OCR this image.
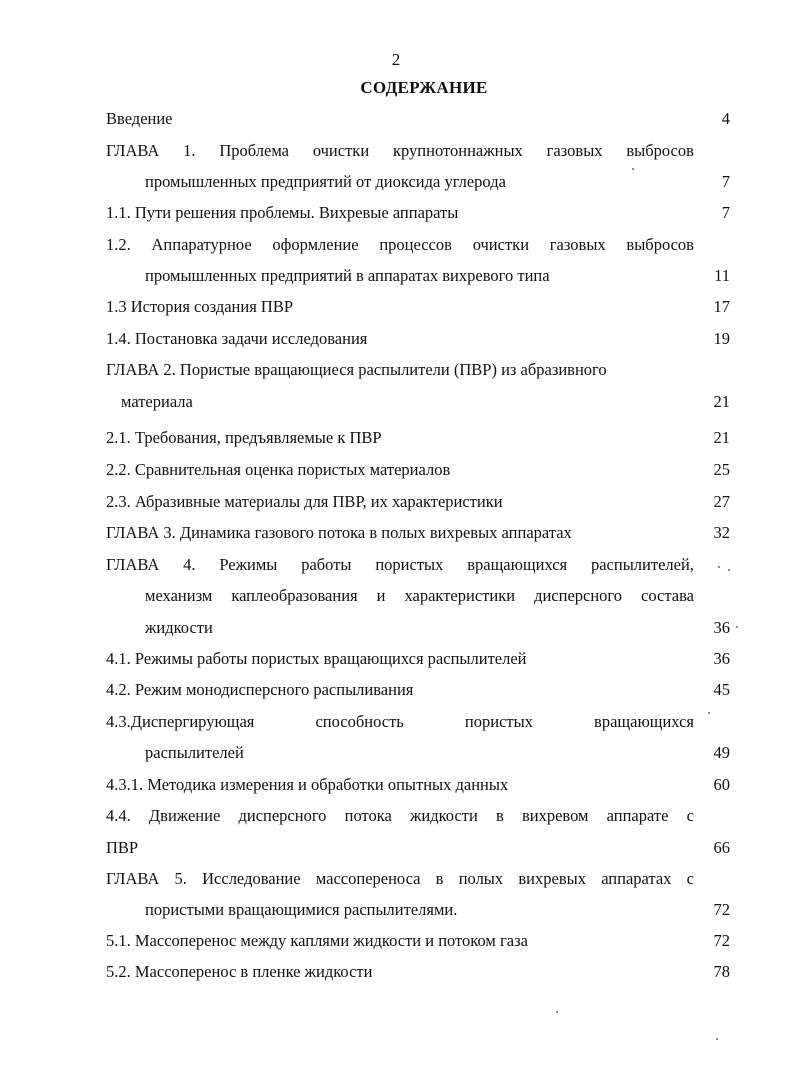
2
СОДЕРЖАНИЕ
Введение	4
ГЛАВА 1. Проблема очистки крупнотоннажных газовых выбросов
промышленных предприятий от диоксида углерода	7
1.1. Пути решения проблемы. Вихревые аппараты	7
1.2. Аппаратурное оформление процессов очистки газовых выбросов
промышленных предприятий в аппаратах вихревого типа	11
1.3 История создания ПВР	17
1.4. Постановка задачи исследования	19
ГЛАВА 2. Пористые вращающиеся распылители (ПВР) из абразивного
материала	21
2.1. Требования, предъявляемые к ПВР	21
2.2. Сравнительная оценка пористых материалов	25
2.3. Абразивные материалы для ПВР, их характеристики	27
ГЛАВА 3. Динамика газового потока в полых вихревых аппаратах	32
ГЛАВА 4. Режимы работы пористых вращающихся распылителей,
механизм каплеобразования и характеристики дисперсного состава
жидкости	36
4.1. Режимы работы пористых вращающихся распылителей	36
4.2. Режим монодисперсного распыливания	45
4.3.Диспергирующая	способность	пористых	вращающихся
распылителей	49
4.3.1. Методика измерения и обработки опытных данных	60
4.4. Движение дисперсного потока жидкости в вихревом аппарате с
ПВР	66
ГЛАВА 5. Исследование массопереноса в полых вихревых аппаратах с
пористыми вращающимися распылителями.	72
5.1. Массоперенос между каплями жидкости и потоком газа	72
5.2. Массоперенос в пленке жидкости	78
